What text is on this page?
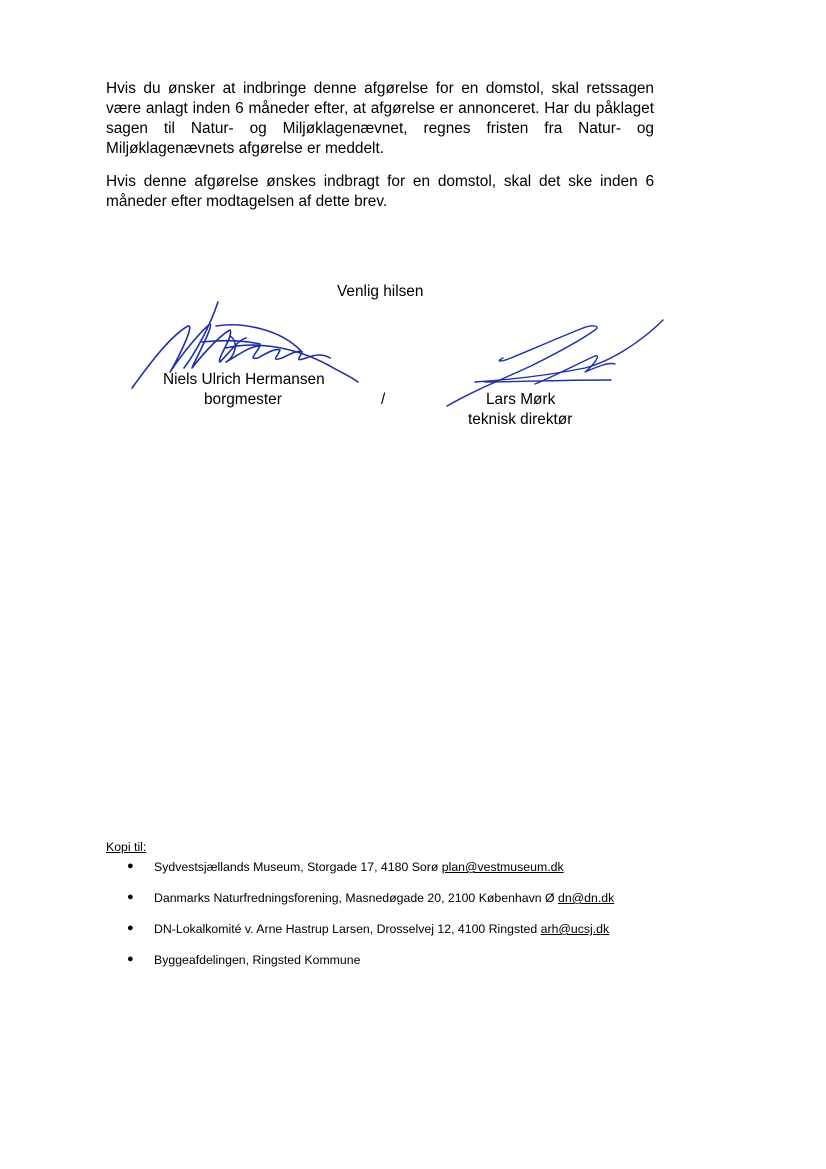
Hvis du ønsker at indbringe denne afgørelse for en domstol, skal retssagen være anlagt inden 6 måneder efter, at afgørelse er annonceret. Har du påklaget sagen til Natur- og Miljøklagenævnet, regnes fristen fra Natur- og Miljøklagenævnets afgørelse er meddelt.

Hvis denne afgørelse ønskes indbragt for en domstol, skal det ske inden 6 måneder efter modtagelsen af dette brev.

Venlig hilsen
Niels Ulrich Hermansen
borgmester	/	Lars Mørk
teknisk direktør

Kopi til:

● Sydvestsjællands Museum, Storgade 17, 4180 Sorø plan@vestmuseum.dk
● Danmarks Naturfredningsforening, Masnedøgade 20, 2100 København Ø dn@dn.dk
● DN-Lokalkomité v. Arne Hastrup Larsen, Drosselvej 12, 4100 Ringsted arh@ucsj.dk
● Byggeafdelingen, Ringsted Kommune
